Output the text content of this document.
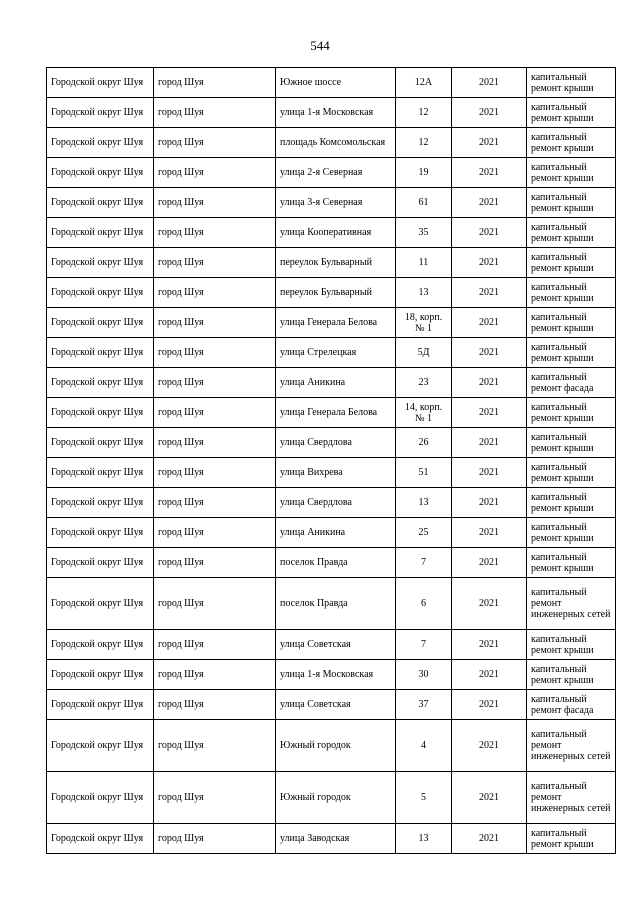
544
Городской округ Шуя	город Шуя	Южное шоссе	12А	2021	капитальный ремонт крыши
Городской округ Шуя	город Шуя	улица 1-я Московская	12	2021	капитальный ремонт крыши
Городской округ Шуя	город Шуя	площадь Комсомольская	12	2021	капитальный ремонт крыши
Городской округ Шуя	город Шуя	улица 2-я Северная	19	2021	капитальный ремонт крыши
Городской округ Шуя	город Шуя	улица 3-я Северная	61	2021	капитальный ремонт крыши
Городской округ Шуя	город Шуя	улица Кооперативная	35	2021	капитальный ремонт крыши
Городской округ Шуя	город Шуя	переулок Бульварный	11	2021	капитальный ремонт крыши
Городской округ Шуя	город Шуя	переулок Бульварный	13	2021	капитальный ремонт крыши
Городской округ Шуя	город Шуя	улица Генерала Белова	18, корп. № 1	2021	капитальный ремонт крыши
Городской округ Шуя	город Шуя	улица Стрелецкая	5Д	2021	капитальный ремонт крыши
Городской округ Шуя	город Шуя	улица Аникина	23	2021	капитальный ремонт фасада
Городской округ Шуя	город Шуя	улица Генерала Белова	14, корп. № 1	2021	капитальный ремонт крыши
Городской округ Шуя	город Шуя	улица Свердлова	26	2021	капитальный ремонт крыши
Городской округ Шуя	город Шуя	улица Вихрева	51	2021	капитальный ремонт крыши
Городской округ Шуя	город Шуя	улица Свердлова	13	2021	капитальный ремонт крыши
Городской округ Шуя	город Шуя	улица Аникина	25	2021	капитальный ремонт крыши
Городской округ Шуя	город Шуя	поселок Правда	7	2021	капитальный ремонт крыши
Городской округ Шуя	город Шуя	поселок Правда	6	2021	капитальный ремонт инженерных сетей
Городской округ Шуя	город Шуя	улица Советская	7	2021	капитальный ремонт крыши
Городской округ Шуя	город Шуя	улица 1-я Московская	30	2021	капитальный ремонт крыши
Городской округ Шуя	город Шуя	улица Советская	37	2021	капитальный ремонт фасада
Городской округ Шуя	город Шуя	Южный городок	4	2021	капитальный ремонт инженерных сетей
Городской округ Шуя	город Шуя	Южный городок	5	2021	капитальный ремонт инженерных сетей
Городской округ Шуя	город Шуя	улица Заводская	13	2021	капитальный ремонт крыши
